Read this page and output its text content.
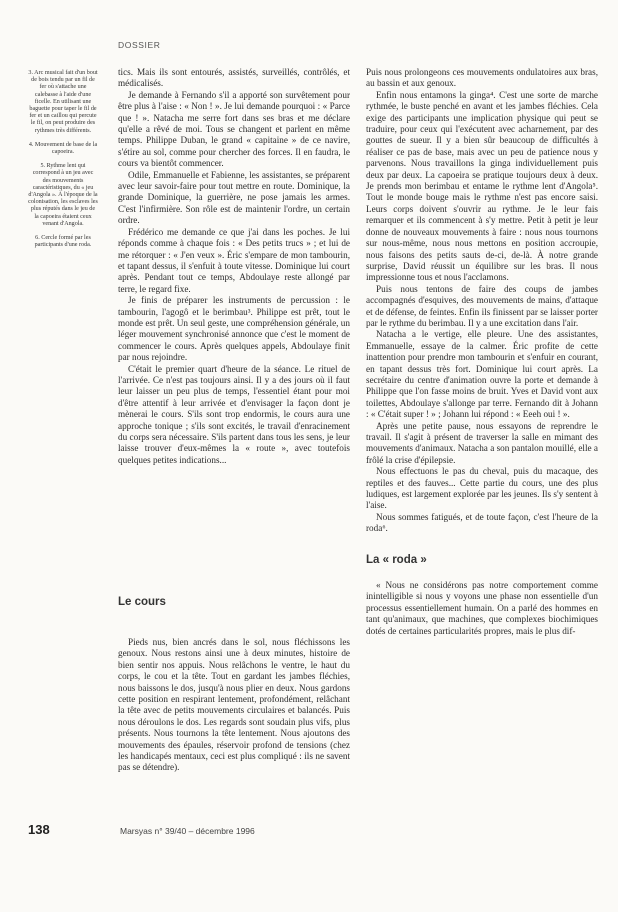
DOSSIER

3. Arc musical fait d'un bout de bois tendu par un fil de fer où s'attache une calebasse à l'aide d'une ficelle. En utilisant une baguette pour taper le fil de fer et un caillou qui percute le fil, on peut produire des rythmes très différents.

4. Mouvement de base de la capoeira.

5. Rythme lent qui correspond à un jeu avec des mouvements caractéristiques, du « jeu d'Angola ». À l'époque de la colonisation, les esclaves les plus réputés dans le jeu de la capoeira étaient ceux venant d'Angola.

6. Cercle formé par les participants d'une roda.

tics. Mais ils sont entourés, assistés, surveillés, contrôlés, et médicalisés.

Je demande à Fernando s'il a apporté son survêtement pour être plus à l'aise : « Non ! ». Je lui demande pourquoi : « Parce que ! ». Natacha me serre fort dans ses bras et me déclare qu'elle a rêvé de moi. Tous se changent et parlent en même temps. Philippe Duban, le grand « capitaine » de ce navire, s'étire au sol, comme pour chercher des forces. Il en faudra, le cours va bientôt commencer.

Odile, Emmanuelle et Fabienne, les assistantes, se préparent avec leur savoir-faire pour tout mettre en route. Dominique, la grande Dominique, la guerrière, ne pose jamais les armes. C'est l'infirmière. Son rôle est de maintenir l'ordre, un certain ordre.

Frédérico me demande ce que j'ai dans les poches. Je lui réponds comme à chaque fois : « Des petits trucs » ; et lui de me rétorquer : « J'en veux ». Éric s'empare de mon tambourin, et tapant dessus, il s'enfuit à toute vitesse. Dominique lui court après. Pendant tout ce temps, Abdoulaye reste allongé par terre, le regard fixe.

Je finis de préparer les instruments de percussion : le tambourin, l'agogô et le berimbau³. Philippe est prêt, tout le monde est prêt. Un seul geste, une compréhension générale, un léger mouvement synchronisé annonce que c'est le moment de commencer le cours. Après quelques appels, Abdoulaye finit par nous rejoindre.

C'était le premier quart d'heure de la séance. Le rituel de l'arrivée. Ce n'est pas toujours ainsi. Il y a des jours où il faut leur laisser un peu plus de temps, l'essentiel étant pour moi d'être attentif à leur arrivée et d'envisager la façon dont je mènerai le cours. S'ils sont trop endormis, le cours aura une approche tonique ; s'ils sont excités, le travail d'enracinement du corps sera nécessaire. S'ils partent dans tous les sens, je leur laisse trouver d'eux-mêmes la « route », avec toutefois quelques petites indications...

Le cours

Pieds nus, bien ancrés dans le sol, nous fléchissons les genoux. Nous restons ainsi une à deux minutes, histoire de bien sentir nos appuis. Nous relâchons le ventre, le haut du corps, le cou et la tête. Tout en gardant les jambes fléchies, nous baissons le dos, jusqu'à nous plier en deux. Nous gardons cette position en respirant lentement, profondément, relâchant la tête avec de petits mouvements circulaires et balancés. Puis nous déroulons le dos. Les regards sont soudain plus vifs, plus présents. Nous tournons la tête lentement. Nous ajoutons des mouvements des épaules, réservoir profond de tensions (chez les handicapés mentaux, ceci est plus compliqué : ils ne savent pas se détendre).

Puis nous prolongeons ces mouvements ondulatoires aux bras, au bassin et aux genoux.

Enfin nous entamons la ginga⁴. C'est une sorte de marche rythmée, le buste penché en avant et les jambes fléchies. Cela exige des participants une implication physique qui peut se traduire, pour ceux qui l'exécutent avec acharnement, par des gouttes de sueur. Il y a bien sûr beaucoup de difficultés à réaliser ce pas de base, mais avec un peu de patience nous y parvenons. Nous travaillons la ginga individuellement puis deux par deux. La capoeira se pratique toujours deux à deux. Je prends mon berimbau et entame le rythme lent d'Angola⁵. Tout le monde bouge mais le rythme n'est pas encore saisi. Leurs corps doivent s'ouvrir au rythme. Je le leur fais remarquer et ils commencent à s'y mettre. Petit à petit je leur donne de nouveaux mouvements à faire : nous nous tournons sur nous-même, nous nous mettons en position accroupie, nous faisons des petits sauts de-ci, de-là. À notre grande surprise, David réussit un équilibre sur les bras. Il nous impressionne tous et nous l'acclamons.

Puis nous tentons de faire des coups de jambes accompagnés d'esquives, des mouvements de mains, d'attaque et de défense, de feintes. Enfin ils finissent par se laisser porter par le rythme du berimbau. Il y a une excitation dans l'air.

Natacha a le vertige, elle pleure. Une des assistantes, Emmanuelle, essaye de la calmer. Éric profite de cette inattention pour prendre mon tambourin et s'enfuir en courant, en tapant dessus très fort. Dominique lui court après. La secrétaire du centre d'animation ouvre la porte et demande à Philippe que l'on fasse moins de bruit. Yves et David vont aux toilettes, Abdoulaye s'allonge par terre. Fernando dit à Johann : « C'était super ! » ; Johann lui répond : « Eeeh oui ! ».

Après une petite pause, nous essayons de reprendre le travail. Il s'agit à présent de traverser la salle en mimant des mouvements d'animaux. Natacha a son pantalon mouillé, elle a frôlé la crise d'épilepsie.

Nous effectuons le pas du cheval, puis du macaque, des reptiles et des fauves... Cette partie du cours, une des plus ludiques, est largement explorée par les jeunes. Ils s'y sentent à l'aise.

Nous sommes fatigués, et de toute façon, c'est l'heure de la roda⁶.

La « roda »

« Nous ne considérons pas notre comportement comme inintelligible si nous y voyons une phase non essentielle d'un processus essentiellement humain. On a parlé des hommes en tant qu'animaux, que machines, que complexes biochimiques dotés de certaines particularités propres, mais le plus dif-

138	Marsyas n° 39/40 – décembre 1996
